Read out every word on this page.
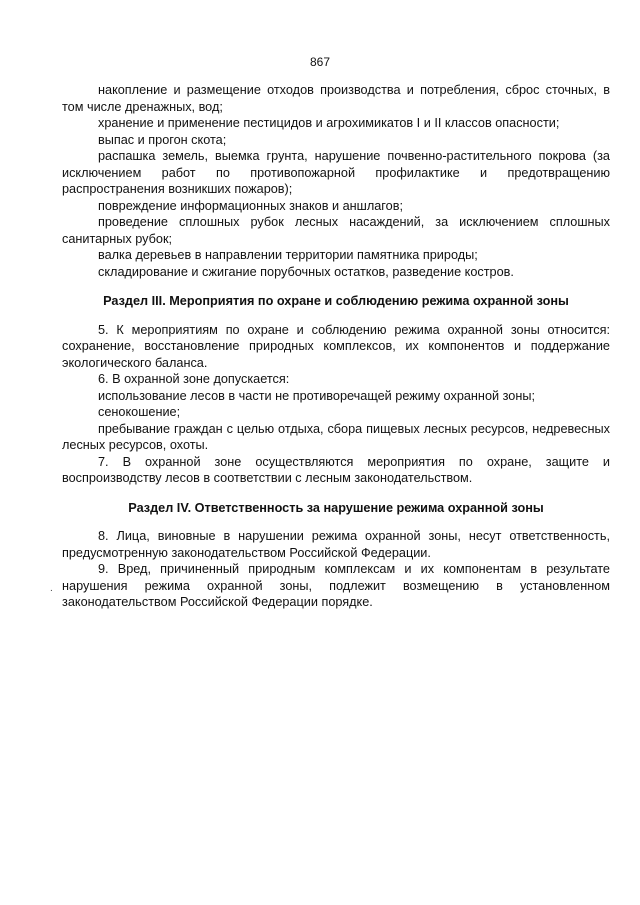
867

накопление и размещение отходов производства и потребления, сброс сточных, в том числе дренажных, вод;

хранение и применение пестицидов и агрохимикатов I и II классов опасности;

выпас и прогон скота;

распашка земель, выемка грунта, нарушение почвенно-растительного покрова (за исключением работ по противопожарной профилактике и предотвращению распространения возникших пожаров);

повреждение информационных знаков и аншлагов;

проведение сплошных рубок лесных насаждений, за исключением сплошных санитарных рубок;

валка деревьев в направлении территории памятника природы;

складирование и сжигание порубочных остатков, разведение костров.

Раздел III. Мероприятия по охране и соблюдению режима охранной зоны

5. К мероприятиям по охране и соблюдению режима охранной зоны относится: сохранение, восстановление природных комплексов, их компонентов и поддержание экологического баланса.

6. В охранной зоне допускается:

использование лесов в части не противоречащей режиму охранной зоны;

сенокошение;

пребывание граждан с целью отдыха, сбора пищевых лесных ресурсов, недревесных лесных ресурсов, охоты.

7. В охранной зоне осуществляются мероприятия по охране, защите и воспроизводству лесов в соответствии с лесным законодательством.

Раздел IV. Ответственность за нарушение режима охранной зоны

8. Лица, виновные в нарушении режима охранной зоны, несут ответственность, предусмотренную законодательством Российской Федерации.

9. Вред, причиненный природным комплексам и их компонентам в результате нарушения режима охранной зоны, подлежит возмещению в установленном законодательством Российской Федерации порядке.

.
